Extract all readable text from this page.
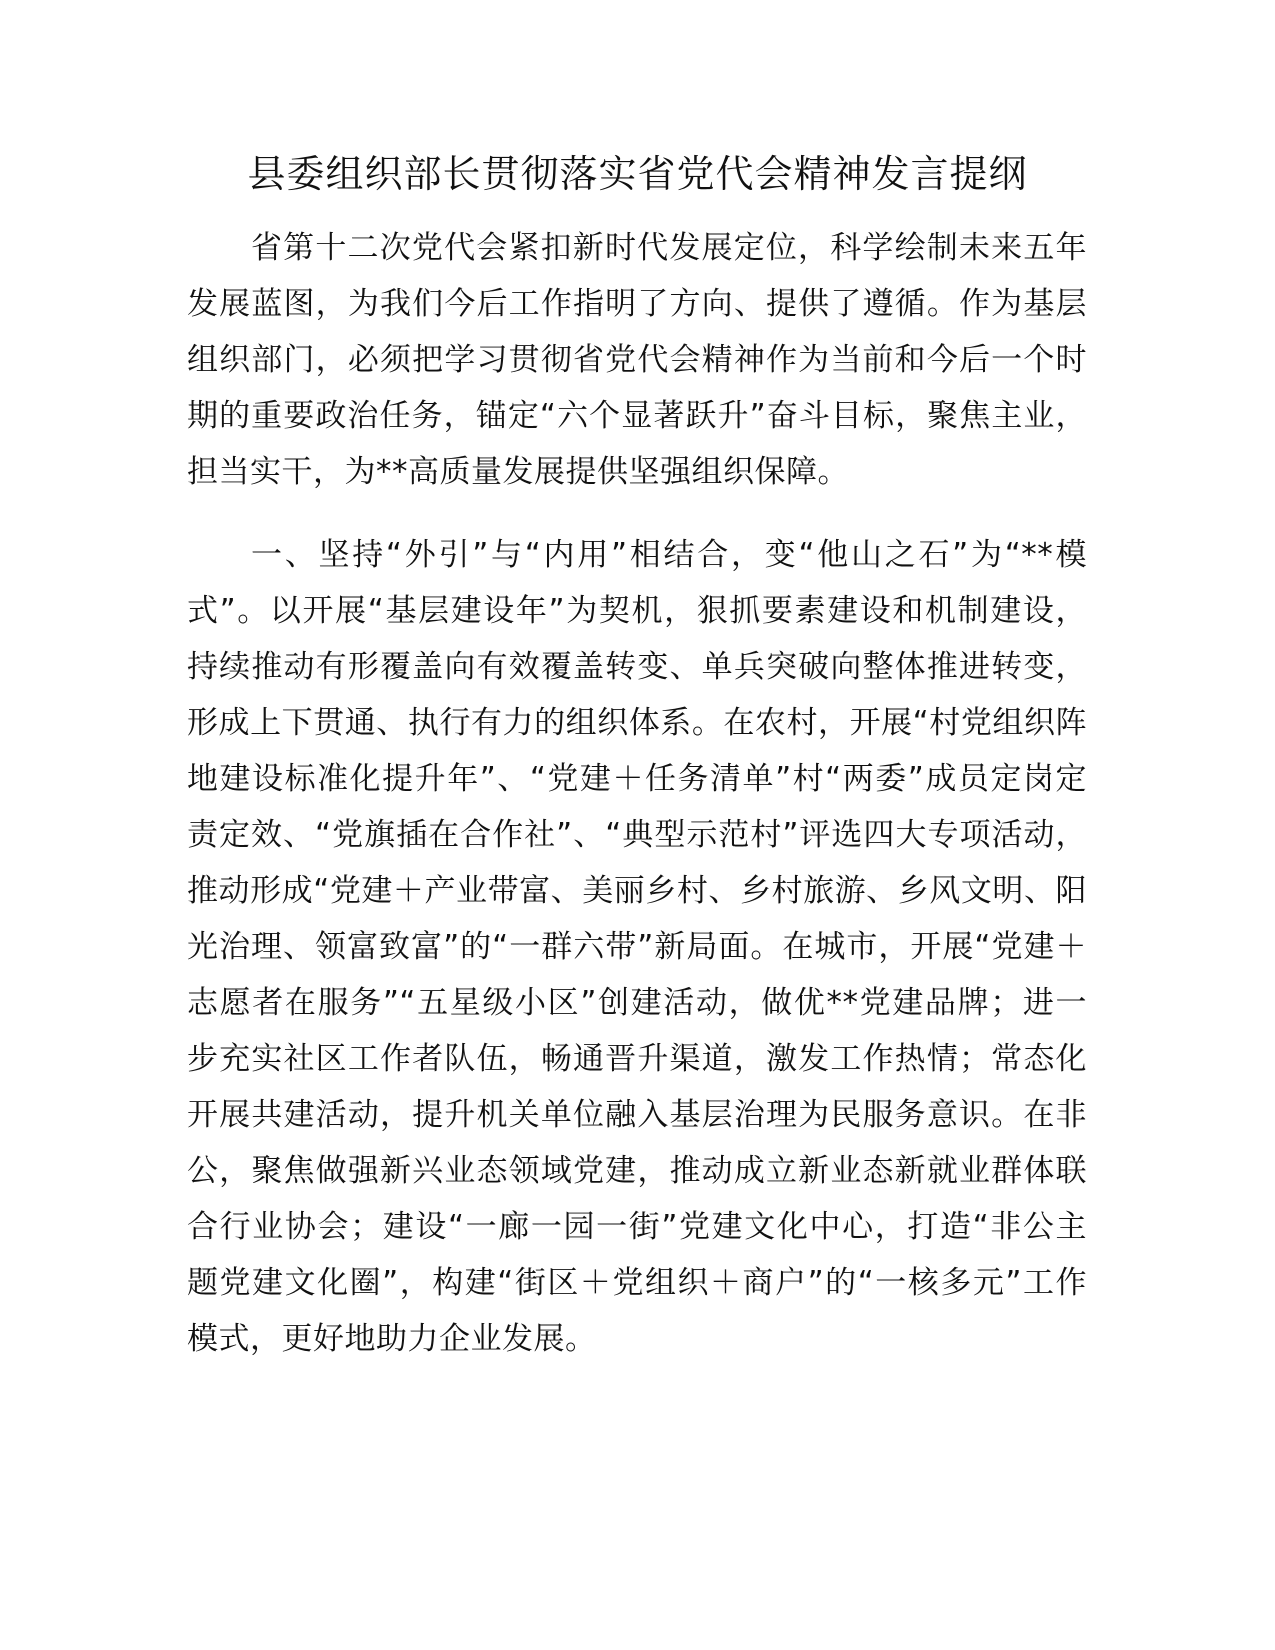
县委组织部长贯彻落实省党代会精神发言提纲

省第十二次党代会紧扣新时代发展定位，科学绘制未来五年发展蓝图，为我们今后工作指明了方向、提供了遵循。作为基层组织部门，必须把学习贯彻省党代会精神作为当前和今后一个时期的重要政治任务，锚定“六个显著跃升”奋斗目标，聚焦主业，担当实干，为**高质量发展提供坚强组织保障。

一、坚持“外引”与“内用”相结合，变“他山之石”为“**模式”。以开展“基层建设年”为契机，狠抓要素建设和机制建设，持续推动有形覆盖向有效覆盖转变、单兵突破向整体推进转变，形成上下贯通、执行有力的组织体系。在农村，开展“村党组织阵地建设标准化提升年”、“党建＋任务清单”村“两委”成员定岗定责定效、“党旗插在合作社”、“典型示范村”评选四大专项活动，推动形成“党建＋产业带富、美丽乡村、乡村旅游、乡风文明、阳光治理、领富致富”的“一群六带”新局面。在城市，开展“党建＋志愿者在服务”“五星级小区”创建活动，做优**党建品牌；进一步充实社区工作者队伍，畅通晋升渠道，激发工作热情；常态化开展共建活动，提升机关单位融入基层治理为民服务意识。在非公，聚焦做强新兴业态领域党建，推动成立新业态新就业群体联合行业协会；建设“一廊一园一街”党建文化中心，打造“非公主题党建文化圈”，构建“街区＋党组织＋商户”的“一核多元”工作模式，更好地助力企业发展。
